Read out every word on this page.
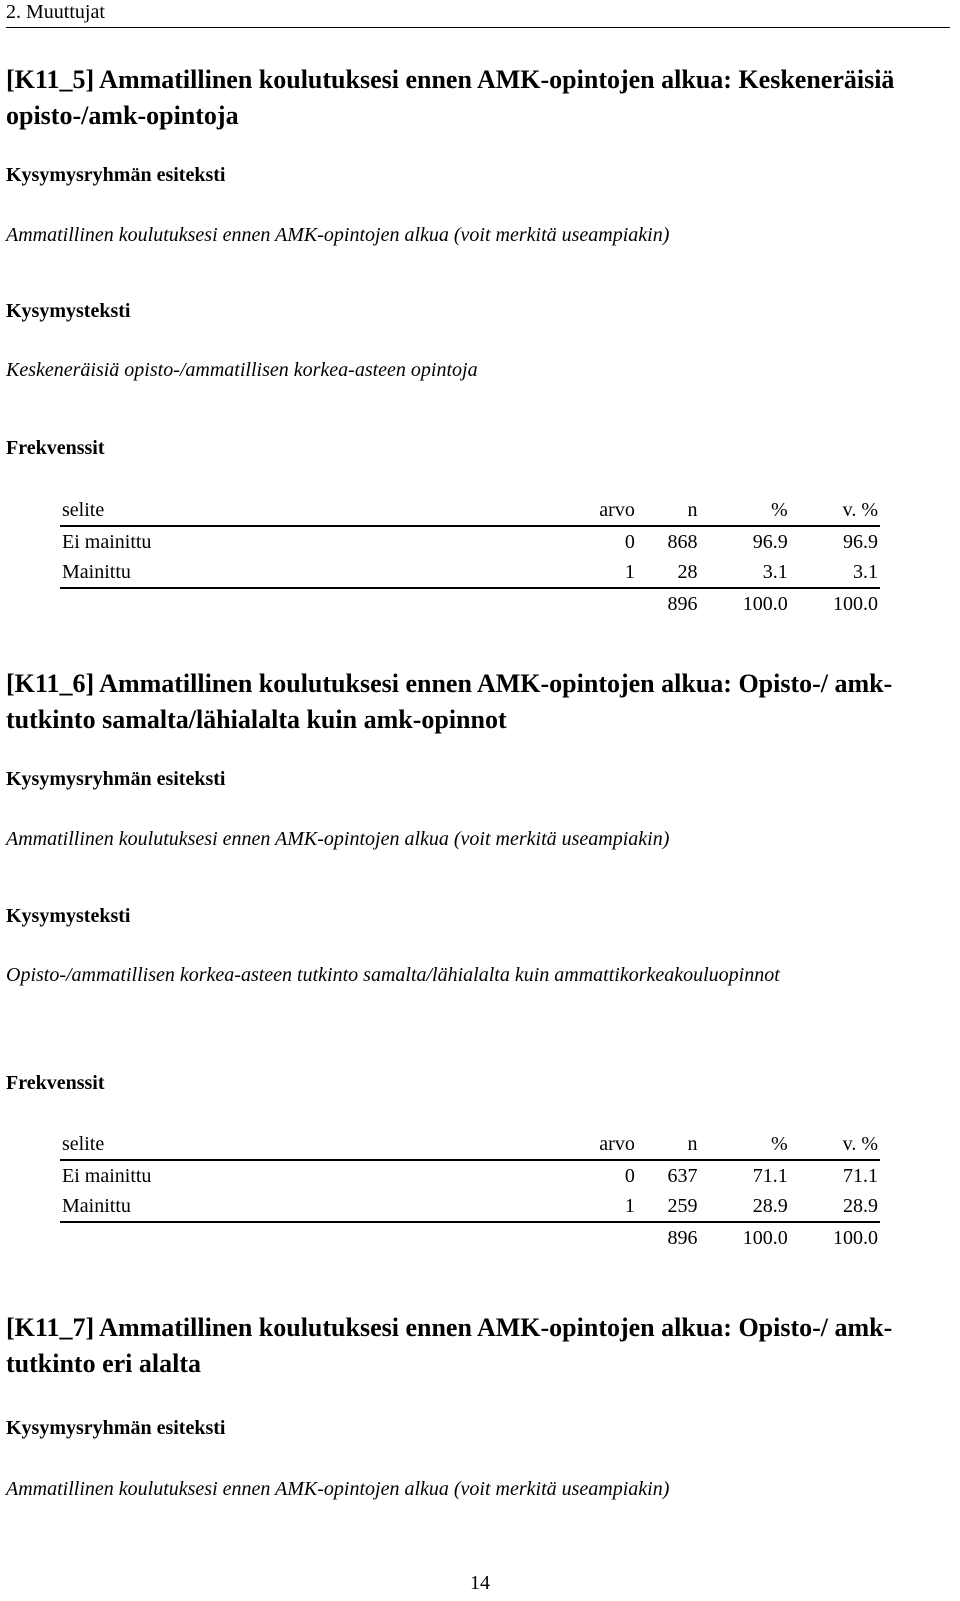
2. Muuttujat
[K11_5] Ammatillinen koulutuksesi ennen AMK-opintojen alkua: Keskeneräisiä opisto-/amk-opintoja
Kysymysryhmän esiteksti
Ammatillinen koulutuksesi ennen AMK-opintojen alkua (voit merkitä useampiakin)
Kysymysteksti
Keskeneräisiä opisto-/ammatillisen korkea-asteen opintoja
Frekvenssit
selite	arvo	n	%	v. %
Ei mainittu	0	868	96.9	96.9
Mainittu	1	28	3.1	3.1
		896	100.0	100.0
[K11_6] Ammatillinen koulutuksesi ennen AMK-opintojen alkua: Opisto-/ amk-tutkinto samalta/lähialalta kuin amk-opinnot
Kysymysryhmän esiteksti
Ammatillinen koulutuksesi ennen AMK-opintojen alkua (voit merkitä useampiakin)
Kysymysteksti
Opisto-/ammatillisen korkea-asteen tutkinto samalta/lähialalta kuin ammattikorkeakouluopinnot
Frekvenssit
selite	arvo	n	%	v. %
Ei mainittu	0	637	71.1	71.1
Mainittu	1	259	28.9	28.9
		896	100.0	100.0
[K11_7] Ammatillinen koulutuksesi ennen AMK-opintojen alkua: Opisto-/ amk-tutkinto eri alalta
Kysymysryhmän esiteksti
Ammatillinen koulutuksesi ennen AMK-opintojen alkua (voit merkitä useampiakin)
14
